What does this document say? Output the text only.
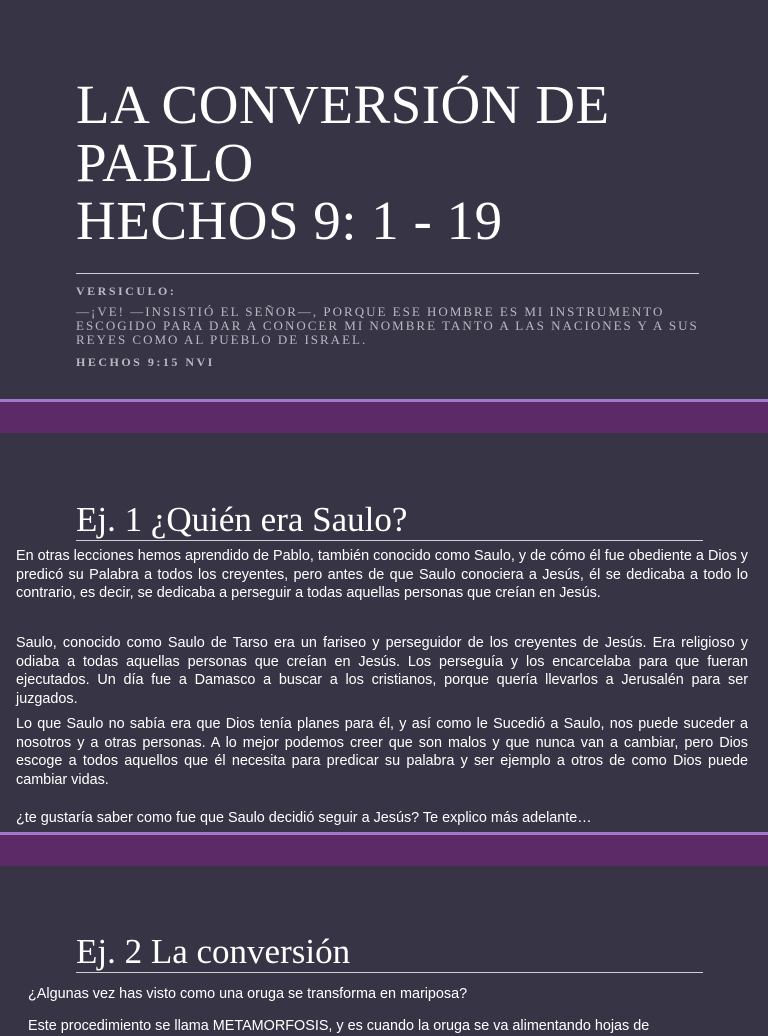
LA CONVERSIÓN DE
PABLO
HECHOS 9: 1 - 19

VERSICULO:

—¡VE! —INSISTIÓ EL SEÑOR—, PORQUE ESE HOMBRE ES MI INSTRUMENTO ESCOGIDO PARA DAR A CONOCER MI NOMBRE TANTO A LAS NACIONES Y A SUS REYES COMO AL PUEBLO DE ISRAEL.

HECHOS 9:15 NVI

Ej. 1 ¿Quién era Saulo?

En otras lecciones hemos aprendido de Pablo, también conocido como Saulo, y de cómo él fue obediente a Dios y predicó su Palabra a todos los creyentes, pero antes de que Saulo conociera a Jesús, él se dedicaba a todo lo contrario, es decir, se dedicaba a perseguir a todas aquellas personas que creían en Jesús.

Saulo, conocido como Saulo de Tarso era un fariseo y perseguidor de los creyentes de Jesús. Era religioso y odiaba a todas aquellas personas que creían en Jesús. Los perseguía y los encarcelaba para que fueran ejecutados. Un día fue a Damasco a buscar a los cristianos, porque quería llevarlos a Jerusalén para ser juzgados.

Lo que Saulo no sabía era que Dios tenía planes para él, y así como le Sucedió a Saulo, nos puede suceder a nosotros y a otras personas. A lo mejor podemos creer que son malos y que nunca van a cambiar, pero Dios escoge a todos aquellos que él necesita para predicar su palabra y ser ejemplo a otros de como Dios puede cambiar vidas.

¿te gustaría saber como fue que Saulo decidió seguir a Jesús? Te explico más adelante…

Ej. 2 La conversión

¿Algunas vez has visto como una oruga se transforma en mariposa?

Este procedimiento se llama METAMORFOSIS, y es cuando la oruga se va alimentando hojas de
